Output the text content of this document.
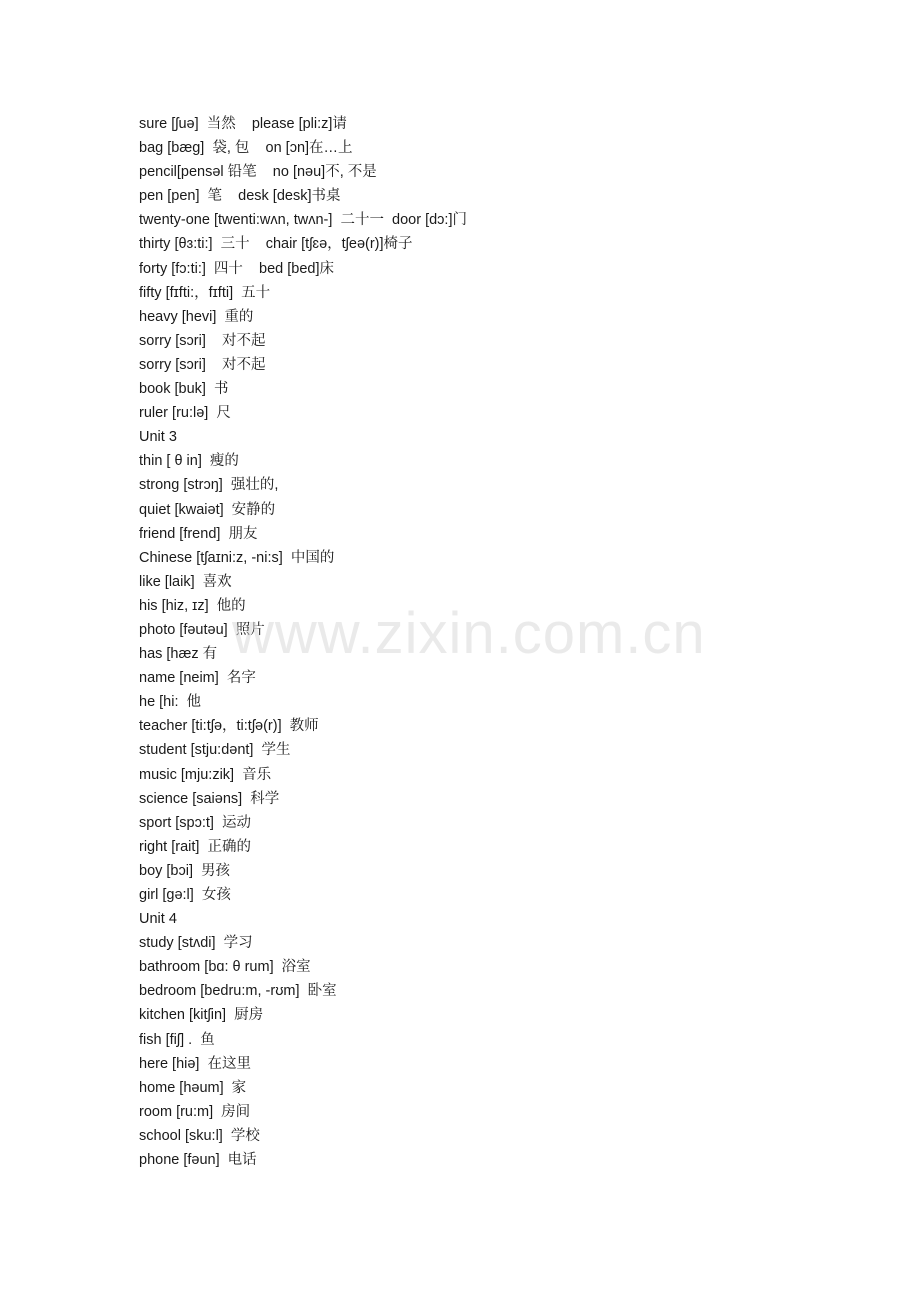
sure [ʃuə]  当然    please [pli:z]请
bag [bæɡ]  袋, 包    on [ɔn]在…上
pencil[pensəl 铅笔    no [nəu]不, 不是
pen [pen]  笔    desk [desk]书桌
twenty-one [twenti:wʌn, twʌn-]  二十一  door [dɔ:]门
thirty [θɜ:ti:]  三十    chair [tʃɛə，tʃeə(r)]椅子
forty [fɔ:ti:]  四十    bed [bed]床
fifty [fɪfti:，fɪfti]  五十
heavy [hevi]  重的
sorry [sɔri]    对不起
sorry [sɔri]    对不起
book [buk]  书
ruler [ru:lə]  尺
Unit 3
thin [ θ in]  瘦的
strong [strɔŋ]  强壮的,
quiet [kwaiət]  安静的
friend [frend]  朋友
Chinese [tʃaɪni:z, -ni:s]  中国的
like [laik]  喜欢
his [hiz, ɪz]  他的
photo [fəutəu]  照片
has [hæz 有
name [neim]  名字
he [hi:  他
teacher [ti:tʃə，ti:tʃə(r)]  教师
student [stju:dənt]  学生
music [mju:zik]  音乐
science [saiəns]  科学
sport [spɔ:t]  运动
right [rait]  正确的
boy [bɔi]  男孩
girl [ɡə:l]  女孩
Unit 4
study [stʌdi]  学习
bathroom [bɑ: θ rum]  浴室
bedroom [bedru:m, -rʊm]  卧室
kitchen [kitʃin]  厨房
fish [fiʃ] .  鱼
here [hiə]  在这里
home [həum]  家
room [ru:m]  房间
school [sku:l]  学校
phone [fəun]  电话
www.zixin.com.cn
